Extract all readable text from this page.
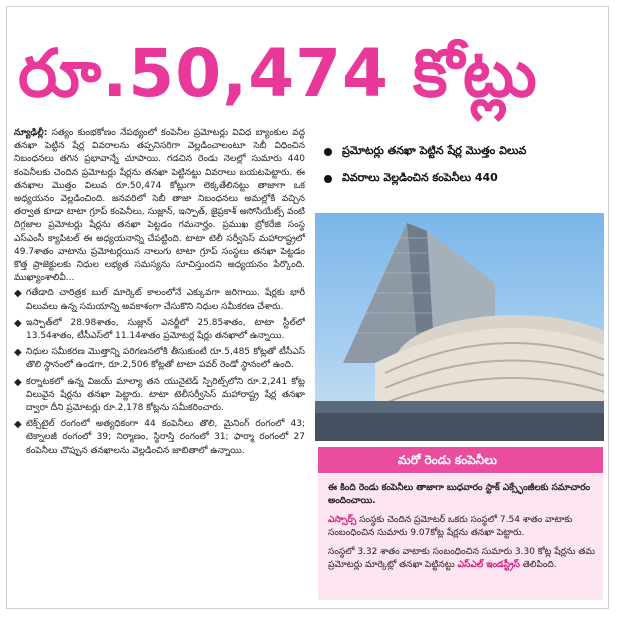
రూ.50,474 కోట్లు

న్యూఢిల్లీ: సత్యం కుంభకోణం నేపథ్యంలో కంపెనీల ప్రమోటర్లు వివిధ బ్యాంకుల వద్ద తనఖా పెట్టిన షేర్ల వివరాలను తప్పనిసరిగా వెల్లడించాలంటూ సెబీ విధించిన నిబంధనలు తగిన ప్రభావాన్నే చూపాయి. గడచిన రెండు నెలల్లో సుమారు 440 కంపెనీలకు చెందిన ప్రమోటర్లు షేర్లను తనఖా పెట్టినట్టు వివరాలు బయటపెట్టారు. ఈ తనఖాల మొత్తం విలువ రూ.50,474 కోట్లుగా లెక్కతేలినట్టు తాజాగా ఒక అధ్యయనం వెల్లడించింది. జనవరిలో సెబీ తాజా నిబంధనలు అమల్లోకి వచ్చిన తర్వాత కూడా టాటా గ్రూప్ కంపెనీలు, సుజ్లాన్, ఇస్పాత్, జైప్రకాశ్ అసోసియేట్స్ వంటి దిగ్గజాల ప్రమోటర్లు షేర్లను తనఖా పెట్టడం గమనార్హం. ప్రముఖ బ్రోకరేజి సంస్థ ఎస్ఎంసీ క్యాపిటల్ ఈ అధ్యయనాన్ని చేపట్టింది. టాటా టెలీ సర్వీసెస్ మహారాష్ట్రలో 49.7శాతం వాటాను ప్రమోటర్లయిన నాలుగు టాటా గ్రూప్ సంస్థలు తనఖా పెట్టడం కొత్త ప్రాజెక్టులకు నిధుల లభ్యత సమస్యను సూచిస్తుందని అధ్యయనం పేర్కొంది. ముఖ్యాంశాలివీ...

◆ గతేడాది చారిత్రక బుల్ మార్కెట్ కాలంలోనే ఎక్కువగా జరిగాయి. షేర్లకు భారీ విలువలు ఉన్న సమయాన్ని అవకాశంగా చేసుకొని నిధుల సమీకరణ చేశారు.
◆ ఇస్పాత్‌లో 28.98శాతం, సుజ్లాన్ ఎనర్జీలో 25.85శాతం, టాటా స్టీల్‌లో 13.54శాతం, టీసీఎస్‌లో 11.14శాతం ప్రమోటర్ల షేర్లు తనఖాలో ఉన్నాయి.
◆ నిధుల సమీకరణ మొత్తాన్ని పరిగణనలోకి తీసుకుంటే రూ.5,485 కోట్లతో టీసీఎస్ తొలి స్థానంలో ఉండగా, రూ.2,506 కోట్లతో టాటా పవర్ రెండో స్థానంలో ఉంది.
◆ కర్నాటకలో ఉన్న విజయ్ మాల్యా తన యునైటెడ్ స్పిరిట్స్‌లోని రూ.2,241 కోట్ల విలువైన షేర్లను తనఖా పెట్టారు. టాటా టెలీసర్వీసెస్ మహారాష్ట్ర షేర్ల తనఖా ద్వారా దీని ప్రమోటర్లు రూ.2,178 కోట్లను సమీకరించారు.
◆ టెక్స్‌టైల్ రంగంలో అత్యధికంగా 44 కంపెనీలు తొలి, మైనింగ్ రంగంలో 43; టెక్నాలజీ రంగంలో 39; నిర్మాణం, స్థిరాస్తి రంగంలో 31; ఫార్మా రంగంలో 27 కంపెనీలు చొప్పున తనఖాలను వెల్లడించిన జాబితాలో ఉన్నాయి.
ప్రమోటర్లు తనఖా పెట్టిన షేర్ల మొత్తం విలువ
వివరాలు వెల్లడించిన కంపెనీలు 440
మరో రెండు కంపెనీలు

ఈ కింది రెండు కంపెనీలు తాజాగా బుధవారం స్టాక్ ఎక్స్ఛేంజీలకు సమాచారం అందించాయి.

ఎస్సార్స్ సంస్థకు చెందిన ప్రమోటర్ ఒకరు సంస్థలో 7.54 శాతం వాటాకు సంబంధించిన సుమారు 9.07కోట్ల షేర్లను తనఖా పెట్టారు.

సంస్థలో 3.32 శాతం వాటాకు సంబంధించిన సుమారు 3.30 కోట్ల షేర్లను తమ ప్రమోటర్లు మార్కెట్లో తనఖా పెట్టినట్టు ఎస్ఎల్ ఇండస్ట్రీస్ తెలిపింది.
